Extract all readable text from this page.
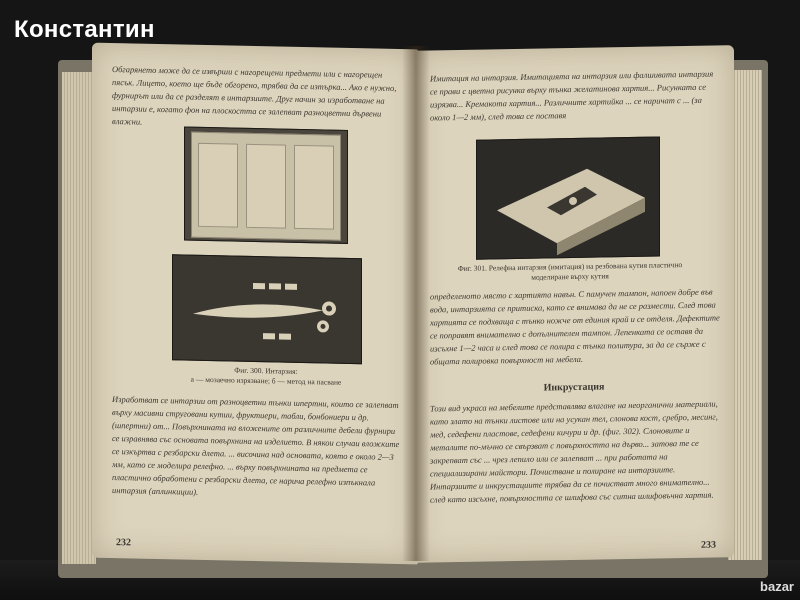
Обгарянето може да се извърши с нагорещени предмети или с нагорещен пясък. Лицето, което ще бъде обгорено, трябва да се изтърка... Ако е нужно, фурнирът или да се разделят в интарзиите. Друг начин за изработване на интарзии е, когато фон на плоскостта се залепват разноцветни дървени влажни.
Фиг. 300. Интарзия:
а — мозаечно изрязване; б — метод на пасване
Изработват се интарзии от разноцветни тънки шпертни, които се залепват върху масивни струговани кутии, фруктиери, табли, бонбониери и др. (шпертни) от... Повърхнината на вложените от различните дебели фурнири се изравнява със основата повърхнина на изделието. В някои случаи вложките се изкъртва с резбарски длета. ... височина над основата, която е около 2—3 мм, като се моделира релефно. ... върху повърхнината на предмета се пластично обработени с резбарски длета, се нарича релефно изпъкнала интарзия (аплинкиции).
232
Имитация на интарзия. Имитацията на интарзия или фалшивата интарзия се прави с цветна рисунка върху тънка желатинова хартия... Рисунката се изрязва... Кремакота хартия... Различните хартийка ... се наричат с ... (за около 1—2 мм), след това се поставя
Фиг. 301. Релефна интарзия (имитация) на резбована кутия пластично моделиране върху кутия
определеното място с хартията навън. С памучен тампон, напоен добре във вода, интарзията се притиска, като се внимава да не се размести. След това хартията се подхваща с тънко ножче от единия край и се отделя. Дефектите се поправят внимателно с допълнителен тампон. Лепенката се оставя да изсъхне 1—2 часа и след това се полира с тънка политура, за да се сърже с общата полировка повърхност на мебела.
Инкрустация
Този вид украса на мебелите представлява влагане на неорганични материали, като злато на тънки листове или на усукан тел, слонова кост, сребро, месинг, мед, седефени пластове, седефени кичури и др. (фиг. 302). Слоновите и металите по-мъчно се свързват с повърхността на дърво... затова те се закрепват със ... чрез лепило или се залепват ... при работата на специализирани майстори. Почистване и полиране на интарзиите. Интарзиите и инкрустациите трябва да се почистват много внимателно... след като изсъхне, повърхността се шлифова със ситна шлифовъчна хартия.
233
Константин
bazar
